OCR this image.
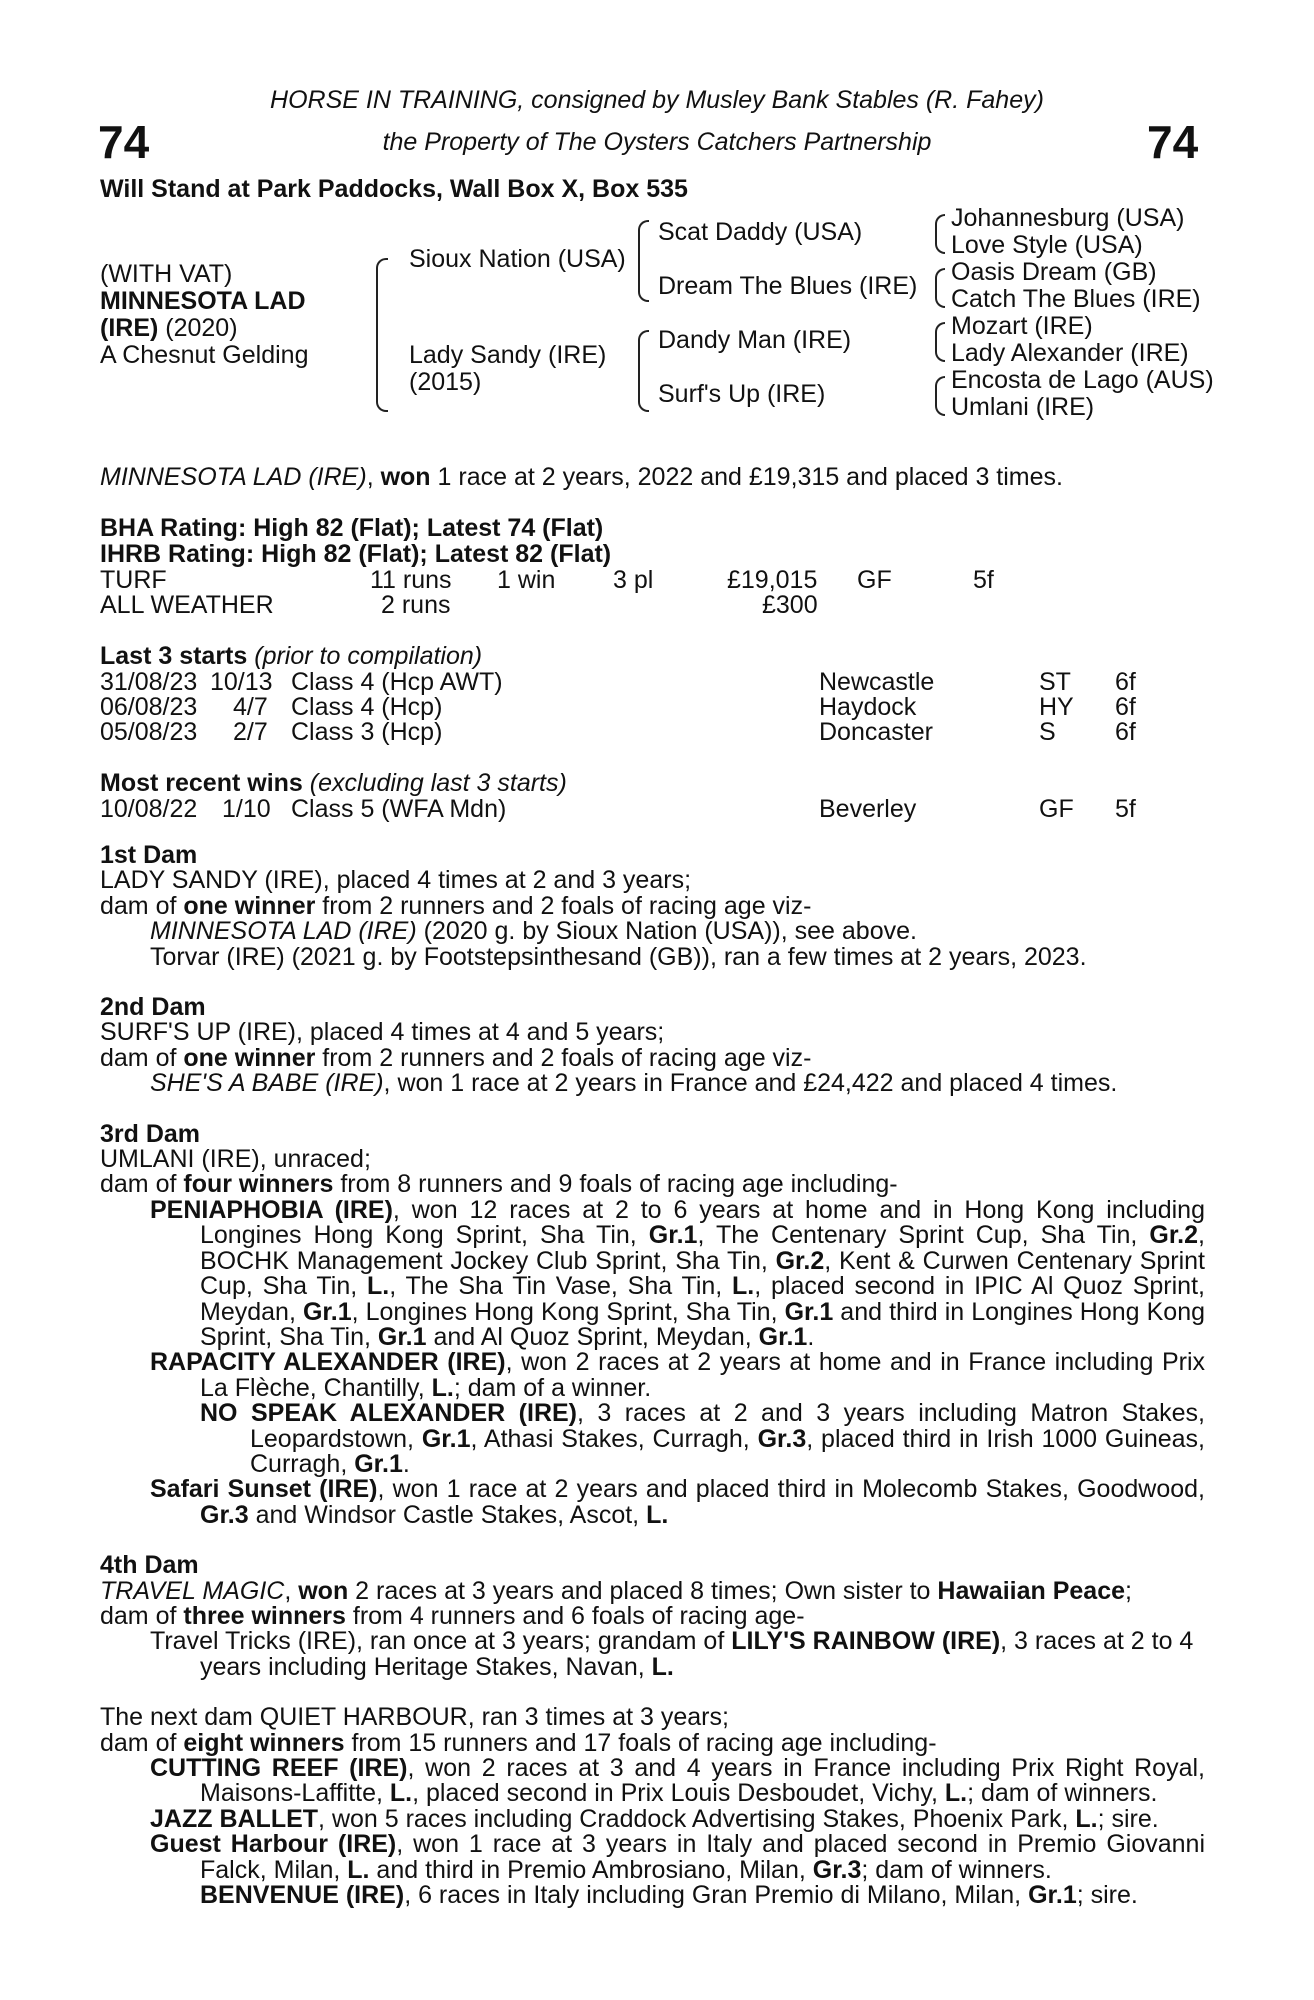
74	74
HORSE IN TRAINING, consigned by Musley Bank Stables (R. Fahey)
the Property of The Oysters Catchers Partnership
Will Stand at Park Paddocks, Wall Box X, Box 535
(WITH VAT)
MINNESOTA LAD
(IRE) (2020)
A Chesnut Gelding
Sioux Nation (USA)
Lady Sandy (IRE)
(2015)
Scat Daddy (USA)
Dream The Blues (IRE)
Dandy Man (IRE)
Surf's Up (IRE)
Johannesburg (USA)
Love Style (USA)
Oasis Dream (GB)
Catch The Blues (IRE)
Mozart (IRE)
Lady Alexander (IRE)
Encosta de Lago (AUS)
Umlani (IRE)
MINNESOTA LAD (IRE), won 1 race at 2 years, 2022 and £19,315 and placed 3 times.
BHA Rating: High 82 (Flat); Latest 74 (Flat)
IHRB Rating: High 82 (Flat); Latest 82 (Flat)
TURF	11 runs 1 win 3 pl	£19,015 GF	5f
ALL WEATHER	2 runs	£300
Last 3 starts (prior to compilation)
31/08/23 10/13 Class 4 (Hcp AWT)	Newcastle	ST 6f
06/08/23 4/7 Class 4 (Hcp)	Haydock	HY 6f
05/08/23 2/7 Class 3 (Hcp)	Doncaster	S 6f
Most recent wins (excluding last 3 starts)
10/08/22 1/10 Class 5 (WFA Mdn)	Beverley	GF 5f

1st Dam

LADY SANDY (IRE), placed 4 times at 2 and 3 years;

dam of one winner from 2 runners and 2 foals of racing age viz-

MINNESOTA LAD (IRE) (2020 g. by Sioux Nation (USA)), see above.

Torvar (IRE) (2021 g. by Footstepsinthesand (GB)), ran a few times at 2 years, 2023.

2nd Dam

SURF'S UP (IRE), placed 4 times at 4 and 5 years;

dam of one winner from 2 runners and 2 foals of racing age viz-

SHE'S A BABE (IRE), won 1 race at 2 years in France and £24,422 and placed 4 times.

3rd Dam

UMLANI (IRE), unraced;

dam of four winners from 8 runners and 9 foals of racing age including-

PENIAPHOBIA (IRE), won 12 races at 2 to 6 years at home and in Hong Kong including Longines Hong Kong Sprint, Sha Tin, Gr.1, The Centenary Sprint Cup, Sha Tin, Gr.2, BOCHK Management Jockey Club Sprint, Sha Tin, Gr.2, Kent & Curwen Centenary Sprint Cup, Sha Tin, L., The Sha Tin Vase, Sha Tin, L., placed second in IPIC Al Quoz Sprint, Meydan, Gr.1, Longines Hong Kong Sprint, Sha Tin, Gr.1 and third in Longines Hong Kong Sprint, Sha Tin, Gr.1 and Al Quoz Sprint, Meydan, Gr.1.

RAPACITY ALEXANDER (IRE), won 2 races at 2 years at home and in France including Prix La Flèche, Chantilly, L.; dam of a winner.

NO SPEAK ALEXANDER (IRE), 3 races at 2 and 3 years including Matron Stakes, Leopardstown, Gr.1, Athasi Stakes, Curragh, Gr.3, placed third in Irish 1000 Guineas, Curragh, Gr.1.

Safari Sunset (IRE), won 1 race at 2 years and placed third in Molecomb Stakes, Goodwood, Gr.3 and Windsor Castle Stakes, Ascot, L.

4th Dam

TRAVEL MAGIC, won 2 races at 3 years and placed 8 times; Own sister to Hawaiian Peace;

dam of three winners from 4 runners and 6 foals of racing age-

Travel Tricks (IRE), ran once at 3 years; grandam of LILY'S RAINBOW (IRE), 3 races at 2 to 4 years including Heritage Stakes, Navan, L.

The next dam QUIET HARBOUR, ran 3 times at 3 years;

dam of eight winners from 15 runners and 17 foals of racing age including-

CUTTING REEF (IRE), won 2 races at 3 and 4 years in France including Prix Right Royal, Maisons-Laffitte, L., placed second in Prix Louis Desboudet, Vichy, L.; dam of winners.

JAZZ BALLET, won 5 races including Craddock Advertising Stakes, Phoenix Park, L.; sire.

Guest Harbour (IRE), won 1 race at 3 years in Italy and placed second in Premio Giovanni Falck, Milan, L. and third in Premio Ambrosiano, Milan, Gr.3; dam of winners.

BENVENUE (IRE), 6 races in Italy including Gran Premio di Milano, Milan, Gr.1; sire.
